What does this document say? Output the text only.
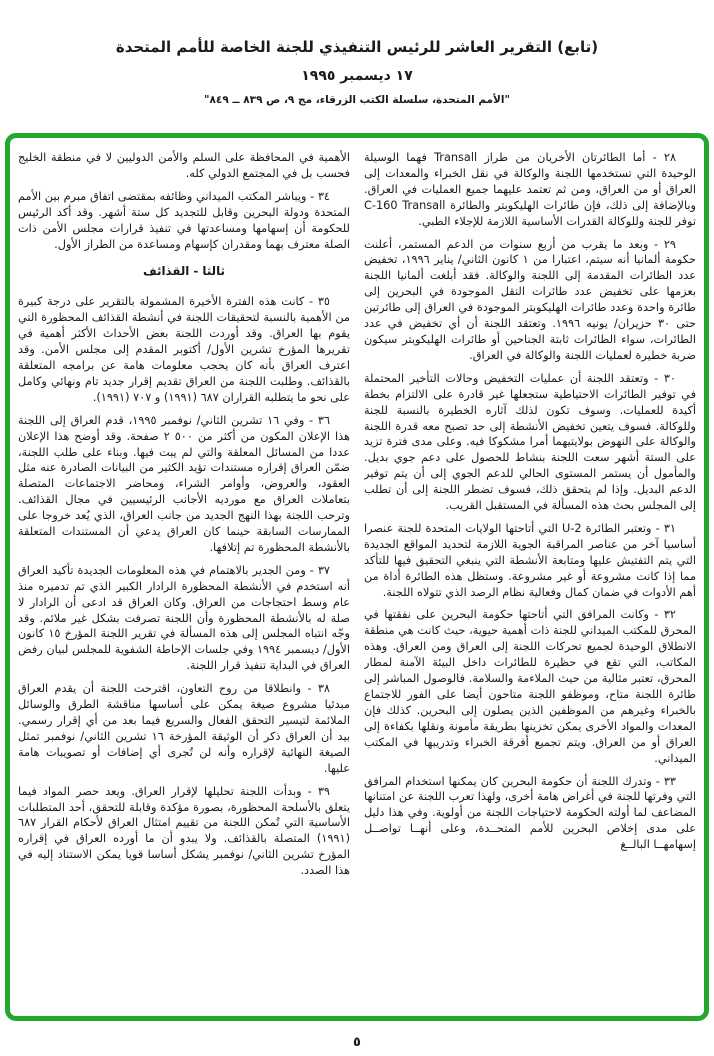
(تابع) التقرير العاشر للرئيس التنفيذي للجنة الخاصة للأمم المتحدة
١٧ ديسمبر ١٩٩٥
"الأمم المتحدة، سلسلة الكتب الزرقاء، مج ٩، ص ٨٣٩ ــ ٨٤٩"

٢٨ - أما الطائرتان الأخريان من طراز Transall فهما الوسيلة الوحيدة التي تستخدمها اللجنة والوكالة في نقل الخبراء والمعدات إلى العراق أو من العراق، ومن ثم تعتمد عليهما جميع العمليات في العراق. وبالإضافة إلى ذلك، فإن طائرات الهليكوبتر والطائرة C-160 Transall توفر للجنة وللوكالة القدرات الأساسية اللازمة للإجلاء الطبي.

٢٩ - وبعد ما يقرب من أربع سنوات من الدعم المستمر، أعلنت حكومة ألمانيا أنه سيتم، اعتبارا من ١ كانون الثاني/ يناير ١٩٩٦، تخفيض عدد الطائرات المقدمة إلى اللجنة والوكالة. فقد أبلغت ألمانيا اللجنة بعزمها على تخفيض عدد طائرات النقل الموجودة في البحرين إلى طائرة واحدة وعدد طائرات الهليكوبتر الموجودة في العراق إلى طائرتين حتى ٣٠ حزيران/ يونيه ١٩٩٦. وتعتقد اللجنة أن أي تخفيض في عدد الطائرات، سواء الطائرات ثابتة الجناحين أو طائرات الهليكوبتر سيكون ضربة خطيرة لعمليات اللجنة والوكالة في العراق.

٣٠ - وتعتقد اللجنة أن عمليات التخفيض وحالات التأخير المحتملة في توفير الطائرات الاحتياطية ستجعلها غير قادرة على الالتزام بخطة أكيدة للعمليات. وسوف تكون لذلك آثاره الخطيرة بالنسبة للجنة وللوكالة. فسوف يتعين تخفيض الأنشطة إلى حد تصبح معه قدرة اللجنة والوكالة على النهوض بولايتيهما أمرا مشكوكا فيه. وعلى مدى فترة تزيد على الستة أشهر سعت اللجنة بنشاط للحصول على دعم جوي بديل. والمأمول أن يستمر المستوى الحالي للدعم الجوي إلى أن يتم توفير الدعم البديل. وإذا لم يتحقق ذلك، فسوف تضطر اللجنة إلى أن تطلب إلى المجلس بحث هذه المسألة في المستقبل القريب.

٣١ - وتعتبر الطائرة U-2 التي أتاحتها الولايات المتحدة للجنة عنصرا أساسيا آخر من عناصر المراقبة الجوية اللازمة لتحديد المواقع الجديدة التي يتم التفتيش عليها ومتابعة الأنشطة التي ينبغي التحقيق فيها للتأكد مما إذا كانت مشروعة أو غير مشروعة. وستظل هذه الطائرة أداة من أهم الأدوات في ضمان كمال وفعالية نظام الرصد الذي تتولاه اللجنة.

٣٢ - وكانت المرافق التي أتاحتها حكومة البحرين على نفقتها في المحرق للمكتب الميداني للجنة ذات أهمية حيوية، حيث كانت هي منطقة الانطلاق الوحيدة لجميع تحركات اللجنة إلى العراق ومن العراق. وهذه المكاتب، التي تقع في حظيرة للطائرات داخل البيئة الآمنة لمطار المحرق، تعتبر مثالية من حيث الملاءمة والسلامة. فالوصول المباشر إلى طائرة اللجنة متاح، وموظفو اللجنة متاحون أيضا على الفور للاجتماع بالخبراء وغيرهم من الموظفين الذين يصلون إلى البحرين. كذلك فإن المعدات والمواد الأخرى يمكن تخزينها بطريقة مأمونة ونقلها بكفاءة إلى العراق أو من العراق. ويتم تجميع أفرقة الخبراء وتدريبها في المكتب الميداني.

٣٣ - وتدرك اللجنة أن حكومة البحرين كان يمكنها استخدام المرافق التي وفرتها للجنة في أغراض هامة أخرى، ولهذا تعرب اللجنة عن امتنانها المضاعف لما أولته الحكومة لاحتياجات اللجنة من أولوية. وفي هذا دليل على مدى إخلاص البحرين للأمم المتحــدة، وعلى أنهــا تواصــل إسهامهــا البالــغ

الأهمية في المحافظة على السلم والأمن الدوليين لا في منطقة الخليج فحسب بل في المجتمع الدولي كله.

٣٤ - ويباشر المكتب الميداني وظائفه بمقتضى اتفاق مبرم بين الأمم المتحدة ودولة البحرين وقابل للتجديد كل ستة أشهر. وقد أكد الرئيس للحكومة أن إسهامها ومساعدتها في تنفيذ قرارات مجلس الأمن ذات الصلة معترف بهما ومقدران كإسهام ومساعدة من الطراز الأول.

ثالثا - القذائف

٣٥ - كانت هذه الفترة الأخيرة المشمولة بالتقرير على درجة كبيرة من الأهمية بالنسبة لتحقيقات اللجنة في أنشطة القذائف المحظورة التي يقوم بها العراق. وقد أوردت اللجنة بعض الأحداث الأكثر أهمية في تقريرها المؤرخ تشرين الأول/ أكتوبر المقدم إلى مجلس الأمن. وقد اعترف العراق بأنه كان يحجب معلومات هامة عن برامجه المتعلقة بالقذائف. وطلبت اللجنة من العراق تقديم إقرار جديد تام ونهائي وكامل على نحو ما يتطلبه القراران ٦٨٧ (١٩٩١) و ٧٠٧ (١٩٩١).

٣٦ - وفي ١٦ تشرين الثاني/ نوفمبر ١٩٩٥، قدم العراق إلى اللجنة هذا الإعلان المكون من أكثر من ٥٠٠ ٢ صفحة. وقد أوضح هذا الإعلان عددا من المسائل المعلقة والتي لم يبت فيها. وبناء على طلب اللجنة، ضمّن العراق إقراره مستندات تؤيد الكثير من البيانات الصادرة عنه مثل العقود، والعروض، وأوامر الشراء، ومحاضر الاجتماعات المتصلة بتعاملات العراق مع مورديه الأجانب الرئيسيين في مجال القذائف. وترحب اللجنة بهذا النهج الجديد من جانب العراق، الذي يُعد خروجا على الممارسات السابقة حينما كان العراق يدعي أن المستندات المتعلقة بالأنشطة المحظورة تم إتلافها.

٣٧ - ومن الجدير بالاهتمام في هذه المعلومات الجديدة تأكيد العراق أنه استخدم في الأنشطة المحظورة الرادار الكبير الذي تم تدميره منذ عام وسط احتجاجات من العراق. وكان العراق قد ادعى أن الرادار لا صلة له بالأنشطة المحظورة وأن اللجنة تصرفت بشكل غير ملائم. وقد وجّه انتباه المجلس إلى هذه المسألة في تقرير اللجنة المؤرخ ١٥ كانون الأول/ ديسمبر ١٩٩٤ وفي جلسات الإحاطة الشفوية للمجلس لبيان رفض العراق في البداية تنفيذ قرار اللجنة.

٣٨ - وانطلاقا من روح التعاون، اقترحت اللجنة أن يقدم العراق مبدئيا مشروع صيغة يمكن على أساسها مناقشة الطرق والوسائل الملائمة لتيسير التحقق الفعال والسريع فيما بعد من أي إقرار رسمي. بيد أن العراق ذكر أن الوثيقة المؤرخة ١٦ تشرين الثاني/ نوفمبر تمثل الصيغة النهائية لإقراره وأنه لن تُجرى أي إضافات أو تصويبات هامة عليها.

٣٩ - وبدأت اللجنة تحليلها لإقرار العراق. ويعد حصر المواد فيما يتعلق بالأسلحة المحظورة، بصورة مؤكدة وقابلة للتحقق، أحد المتطلبات الأساسية التي تُمكن اللجنة من تقييم امتثال العراق لأحكام القرار ٦٨٧ (١٩٩١) المتصلة بالقذائف. ولا يبدو أن ما أورده العراق في إقراره المؤرخ تشرين الثاني/ نوفمبر يشكل أساسا قويا يمكن الاستناد إليه في هذا الصدد.

٥
